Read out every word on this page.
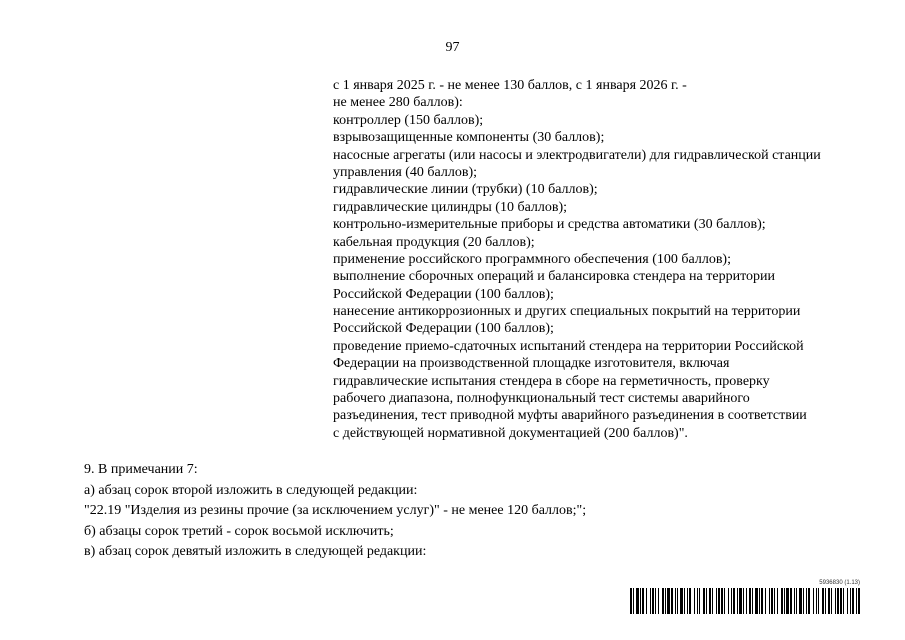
97
с 1 января 2025 г. - не менее 130 баллов, с 1 января 2026 г. -
не менее 280 баллов):
контроллер (150 баллов);
взрывозащищенные компоненты (30 баллов);
насосные агрегаты (или насосы и электродвигатели) для гидравлической станции
управления (40 баллов);
гидравлические линии (трубки) (10 баллов);
гидравлические цилиндры (10 баллов);
контрольно-измерительные приборы и средства автоматики (30 баллов);
кабельная продукция (20 баллов);
применение российского программного обеспечения (100 баллов);
выполнение сборочных операций и балансировка стендера на территории
Российской Федерации (100 баллов);
нанесение антикоррозионных и других специальных покрытий на территории
Российской Федерации (100 баллов);
проведение приемо-сдаточных испытаний стендера на территории Российской
Федерации на производственной площадке изготовителя, включая
гидравлические испытания стендера в сборе на герметичность, проверку
рабочего диапазона, полнофункциональный тест системы аварийного
разъединения, тест приводной муфты аварийного разъединения в соответствии
с действующей нормативной документацией (200 баллов)".
9. В примечании 7:
а) абзац сорок второй изложить в следующей редакции:
"22.19 "Изделия из резины прочие (за исключением услуг)" - не менее 120 баллов;";
б) абзацы сорок третий - сорок восьмой исключить;
в) абзац сорок девятый изложить в следующей редакции:
5936830 (1.13)
